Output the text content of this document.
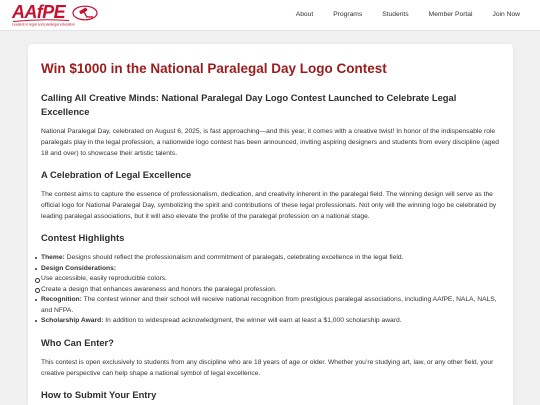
AAfPE
Leaders in legal and paralegal education
About	Programs	Students	Member Portal	Join Now
Win $1000 in the National Paralegal Day Logo Contest
Calling All Creative Minds: National Paralegal Day Logo Contest Launched to Celebrate Legal Excellence

National Paralegal Day, celebrated on August 6, 2025, is fast approaching—and this year, it comes with a creative twist! In honor of the indispensable role paralegals play in the legal profession, a nationwide logo contest has been announced, inviting aspiring designers and students from every discipline (aged 18 and over) to showcase their artistic talents.

A Celebration of Legal Excellence

The contest aims to capture the essence of professionalism, dedication, and creativity inherent in the paralegal field. The winning design will serve as the official logo for National Paralegal Day, symbolizing the spirit and contributions of these legal professionals. Not only will the winning logo be celebrated by leading paralegal associations, but it will also elevate the profile of the paralegal profession on a national stage.

Contest Highlights
Theme: Designs should reflect the professionalism and commitment of paralegals, celebrating excellence in the legal field.
Design Considerations:
Use accessible, easily reproducible colors.
Create a design that enhances awareness and honors the paralegal profession.
Recognition: The contest winner and their school will receive national recognition from prestigious paralegal associations, including AAfPE, NALA, NALS, and NFPA.
Scholarship Award: In addition to widespread acknowledgment, the winner will earn at least a $1,000 scholarship award.
Who Can Enter?

This contest is open exclusively to students from any discipline who are 18 years of age or older. Whether you’re studying art, law, or any other field, your creative perspective can help shape a national symbol of legal excellence.

How to Submit Your Entry
